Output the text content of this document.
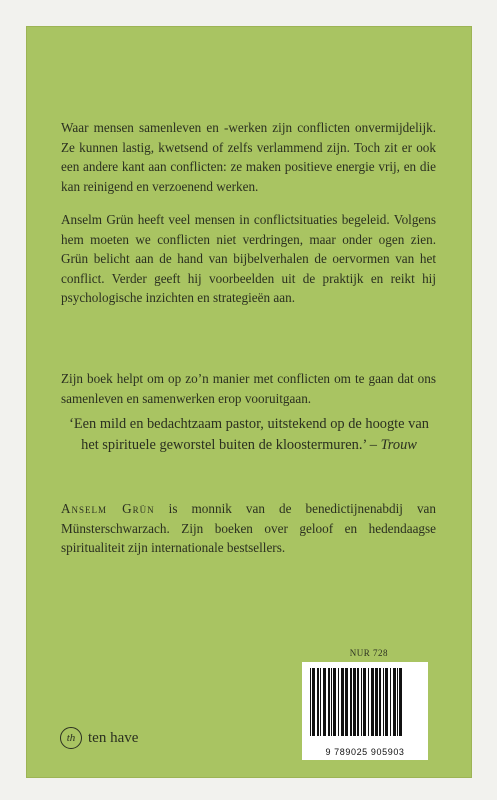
Waar mensen samenleven en -werken zijn conflicten onvermijdelijk. Ze kunnen lastig, kwetsend of zelfs verlammend zijn. Toch zit er ook een andere kant aan conflicten: ze maken positieve energie vrij, en die kan reinigend en verzoenend werken.

Anselm Grün heeft veel mensen in conflictsituaties begeleid. Volgens hem moeten we conflicten niet verdringen, maar onder ogen zien. Grün belicht aan de hand van bijbelverhalen de oervormen van het conflict. Verder geeft hij voorbeelden uit de praktijk en reikt hij psychologische inzichten en strategieën aan.

Zijn boek helpt om op zo’n manier met conflicten om te gaan dat ons samenleven en samenwerken erop vooruitgaan.

‘Een mild en bedachtzaam pastor, uitstekend op de hoogte van het spirituele geworstel buiten de kloostermuren.’ – Trouw

Anselm Grün is monnik van de benedictijnenabdij van Münsterschwarzach. Zijn boeken over geloof en hedendaagse spiritualiteit zijn internationale bestsellers.

NUR 728
9 789025 905903
th ten have
